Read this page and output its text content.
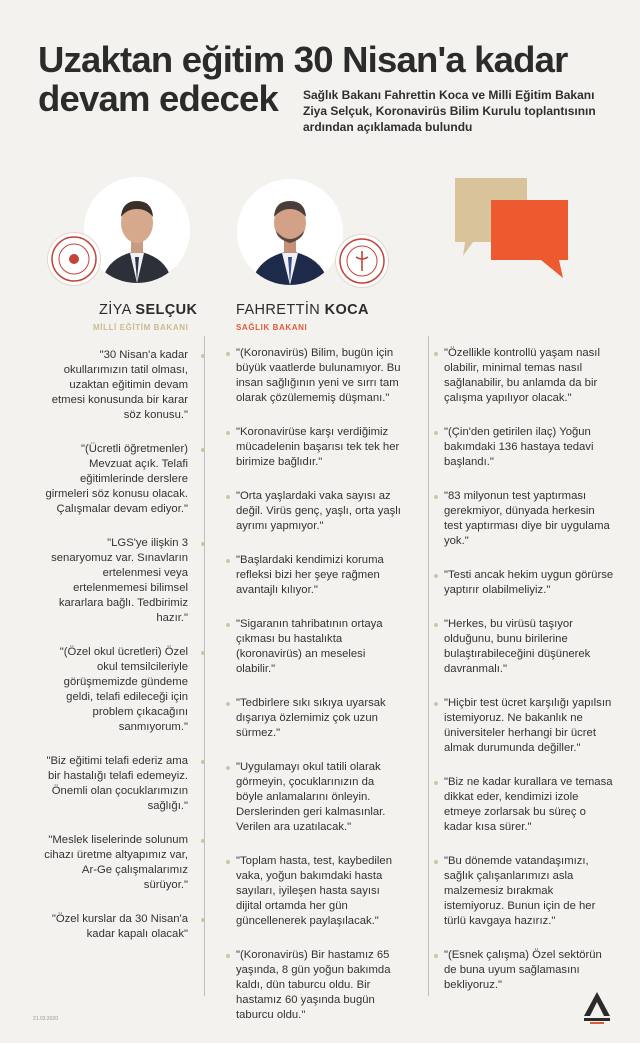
Uzaktan eğitim 30 Nisan'a kadar devam edecek	Sağlık Bakanı Fahrettin Koca ve Milli Eğitim Bakanı Ziya Selçuk, Koronavirüs Bilim Kurulu toplantısının ardından açıklamada bulundu

ZİYA SELÇUK
MİLLİ EĞİTİM BAKANI
FAHRETTİN KOCA
SAĞLIK BAKANI

"30 Nisan'a kadar okullarımızın tatil olması, uzaktan eğitimin devam etmesi konusunda bir karar söz konusu."

"(Ücretli öğretmenler) Mevzuat açık. Telafi eğitimlerinde derslere girmeleri söz konusu olacak. Çalışmalar devam ediyor."

"LGS'ye ilişkin 3 senaryomuz var. Sınavların ertelenmesi veya ertelenmemesi bilimsel kararlara bağlı. Tedbirimiz hazır."

"(Özel okul ücretleri) Özel okul temsilcileriyle görüşmemizde gündeme geldi, telafi edileceği için problem çıkacağını sanmıyorum."

"Biz eğitimi telafi ederiz ama bir hastalığı telafi edemeyiz. Önemli olan çocuklarımızın sağlığı."

"Meslek liselerinde solunum cihazı üretme altyapımız var, Ar-Ge çalışmalarımız sürüyor."

"Özel kurslar da 30 Nisan'a kadar kapalı olacak"

"(Koronavirüs) Bilim, bugün için büyük vaatlerde bulunamıyor. Bu insan sağlığının yeni ve sırrı tam olarak çözülememiş düşmanı."

"Koronavirüse karşı verdiğimiz mücadelenin başarısı tek tek her birimize bağlıdır."

"Orta yaşlardaki vaka sayısı az değil. Virüs genç, yaşlı, orta yaşlı ayrımı yapmıyor."

"Başlardaki kendimizi koruma refleksi bizi her şeye rağmen avantajlı kılıyor."

"Sigaranın tahribatının ortaya çıkması bu hastalıkta (koronavirüs) an meselesi olabilir."

"Tedbirlere sıkı sıkıya uyarsak dışarıya özlemimiz çok uzun sürmez."

"Uygulamayı okul tatili olarak görmeyin, çocuklarınızın da böyle anlamalarını önleyin. Derslerinden geri kalmasınlar. Verilen ara uzatılacak."

"Toplam hasta, test, kaybedilen vaka, yoğun bakımdaki hasta sayıları, iyileşen hasta sayısı dijital ortamda her gün güncellenerek paylaşılacak."

"(Koronavirüs) Bir hastamız 65 yaşında, 8 gün yoğun bakımda kaldı, dün taburcu oldu. Bir hastamız 60 yaşında bugün taburcu oldu."

"Özellikle kontrollü yaşam nasıl olabilir, minimal temas nasıl sağlanabilir, bu anlamda da bir çalışma yapılıyor olacak."

"(Çin'den getirilen ilaç) Yoğun bakımdaki 136 hastaya tedavi başlandı."

"83 milyonun test yaptırması gerekmiyor, dünyada herkesin test yaptırması diye bir uygulama yok."

"Testi ancak hekim uygun görürse yaptırır olabilmeliyiz."

"Herkes, bu virüsü taşıyor olduğunu, bunu birilerine bulaştırabileceğini düşünerek davranmalı."

"Hiçbir test ücret karşılığı yapılsın istemiyoruz. Ne bakanlık ne üniversiteler herhangi bir ücret almak durumunda değiller."

"Biz ne kadar kurallara ve temasa dikkat eder, kendimizi izole etmeye zorlarsak bu süreç o kadar kısa sürer."

"Bu dönemde vatandaşımızı, sağlık çalışanlarımızı asla malzemesiz bırakmak istemiyoruz. Bunun için de her türlü kavgaya hazırız."

"(Esnek çalışma) Özel sektörün de buna uyum sağlamasını bekliyoruz."

21.03.2020
